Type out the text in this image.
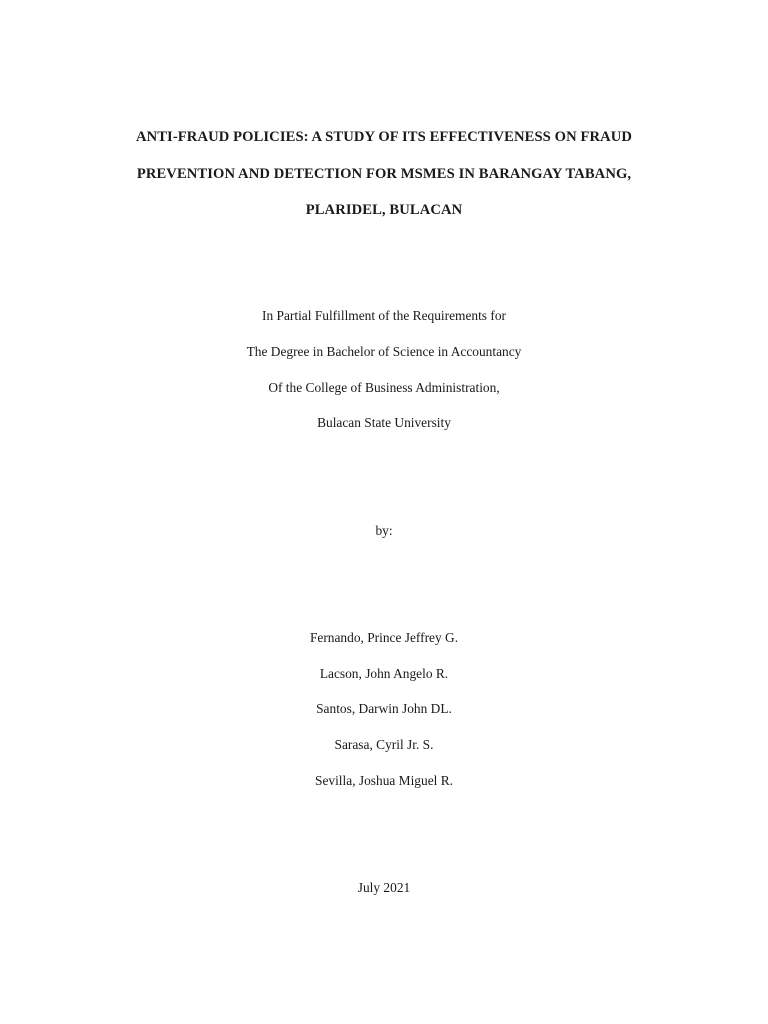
ANTI-FRAUD POLICIES: A STUDY OF ITS EFFECTIVENESS ON FRAUD
PREVENTION AND DETECTION FOR MSMES IN BARANGAY TABANG,
PLARIDEL, BULACAN
In Partial Fulfillment of the Requirements for
The Degree in Bachelor of Science in Accountancy
Of the College of Business Administration,
Bulacan State University
by:
Fernando, Prince Jeffrey G.
Lacson, John Angelo R.
Santos, Darwin John DL.
Sarasa, Cyril Jr. S.
Sevilla, Joshua Miguel R.
July 2021
